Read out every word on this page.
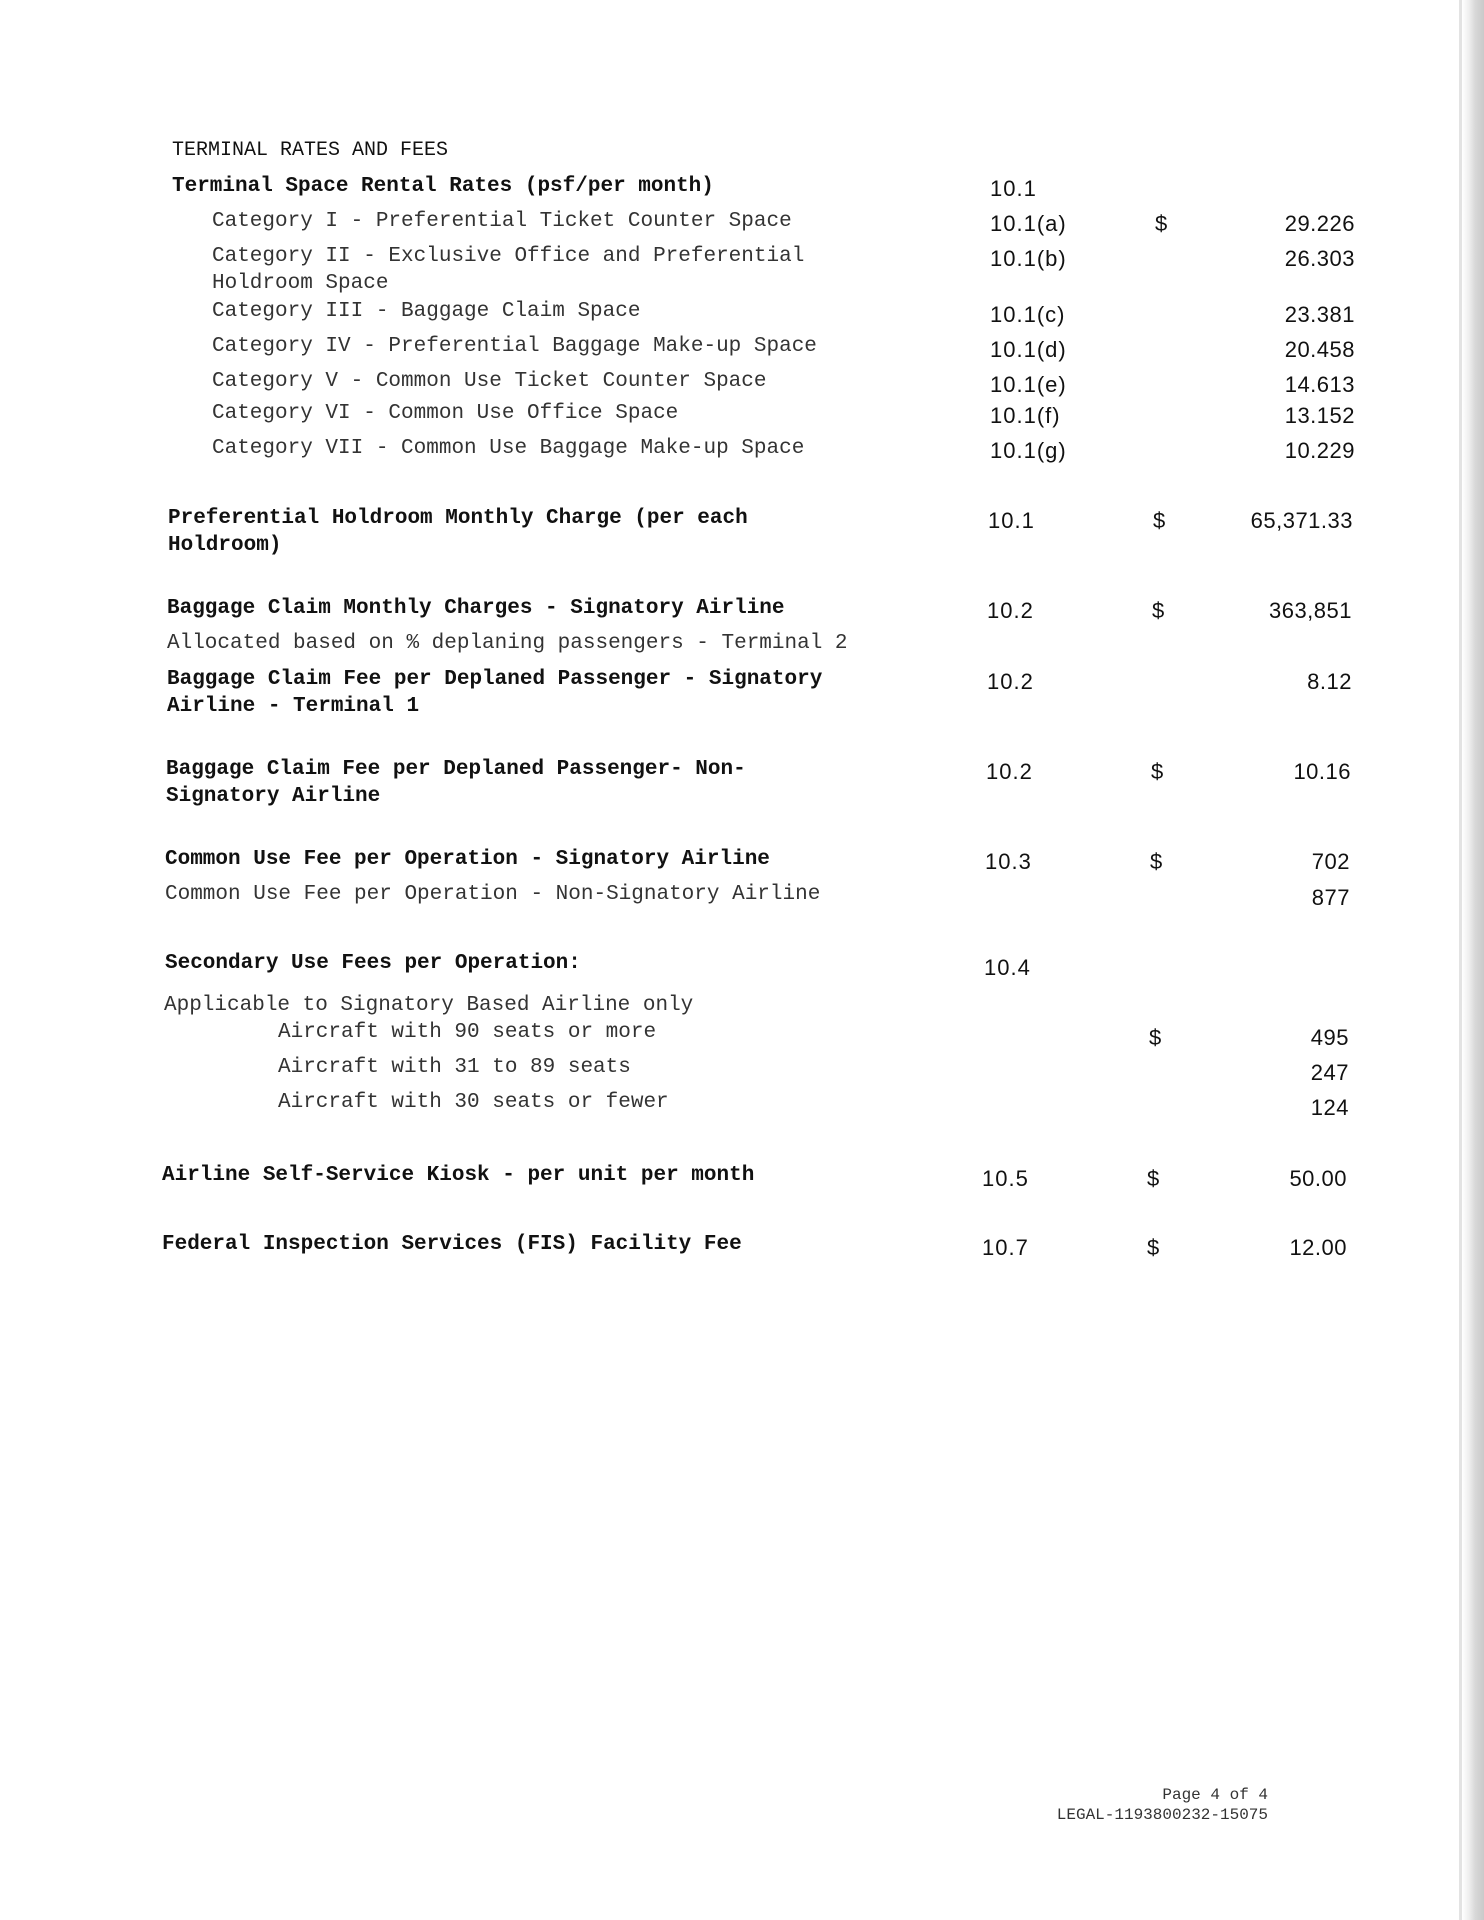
TERMINAL RATES AND FEES
Terminal Space Rental Rates (psf/per month)	10.1
Category I - Preferential Ticket Counter Space	10.1(a)	$	29.226
Category II - Exclusive Office and Preferential
Holdroom Space
10.1(b)	26.303
Category III - Baggage Claim Space	10.1(c)	23.381
Category IV - Preferential Baggage Make-up Space	10.1(d)	20.458
Category V - Common Use Ticket Counter Space	10.1(e)	14.613
Category VI - Common Use Office Space	10.1(f)	13.152
Category VII - Common Use Baggage Make-up Space	10.1(g)	10.229
Preferential Holdroom Monthly Charge (per each
Holdroom)
10.1	$	65,371.33
Baggage Claim Monthly Charges - Signatory Airline	10.2	$	363,851
Allocated based on % deplaning passengers - Terminal 2
Baggage Claim Fee per Deplaned Passenger - Signatory
Airline - Terminal 1
10.2	8.12
Baggage Claim Fee per Deplaned Passenger- Non-
Signatory Airline
10.2	$	10.16
Common Use Fee per Operation - Signatory Airline	10.3	$	702
Common Use Fee per Operation - Non-Signatory Airline	877
Secondary Use Fees per Operation:	10.4
Applicable to Signatory Based Airline only
Aircraft with 90 seats or more	$	495
Aircraft with 31 to 89 seats	247
Aircraft with 30 seats or fewer	124
Airline Self-Service Kiosk - per unit per month	10.5	$	50.00
Federal Inspection Services (FIS) Facility Fee	10.7	$	12.00
Page 4 of 4
LEGAL-1193800232-15075
